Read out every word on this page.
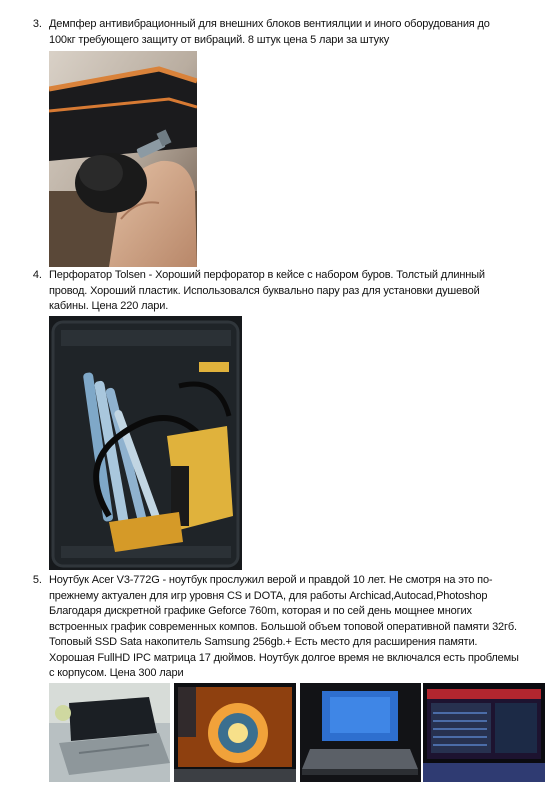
3. Демпфер антивибрационный для внешних блоков вентиялции и иного оборудования до 100кг требующего защиту от вибраций. 8 штук цена 5 лари за штуку

4. Перфоратор Tolsen - Хороший перфоратор в кейсе с набором буров. Толстый длинный провод. Хороший пластик. Использовался буквально пару раз для установки душевой кабины. Цена 220 лари.

5. Ноутбук Acer V3-772G - ноутбук прослужил верой и правдой 10 лет. Не смотря на это по-прежнему актуален для игр уровня CS и DOTA, для работы Archicad,Autocad,Photoshop Благодаря дискретной графике Geforce 760m, которая и по сей день мощнее многих встроенных график современных компов. Большой объем топовой оперативной памяти 32гб. Топовый SSD Sata накопитель Samsung 256gb.+ Есть место для расширения памяти. Хорошая FullHD IPC матрица 17 дюймов. Ноутбук долгое время не включался есть проблемы с корпусом. Цена 300 лари
